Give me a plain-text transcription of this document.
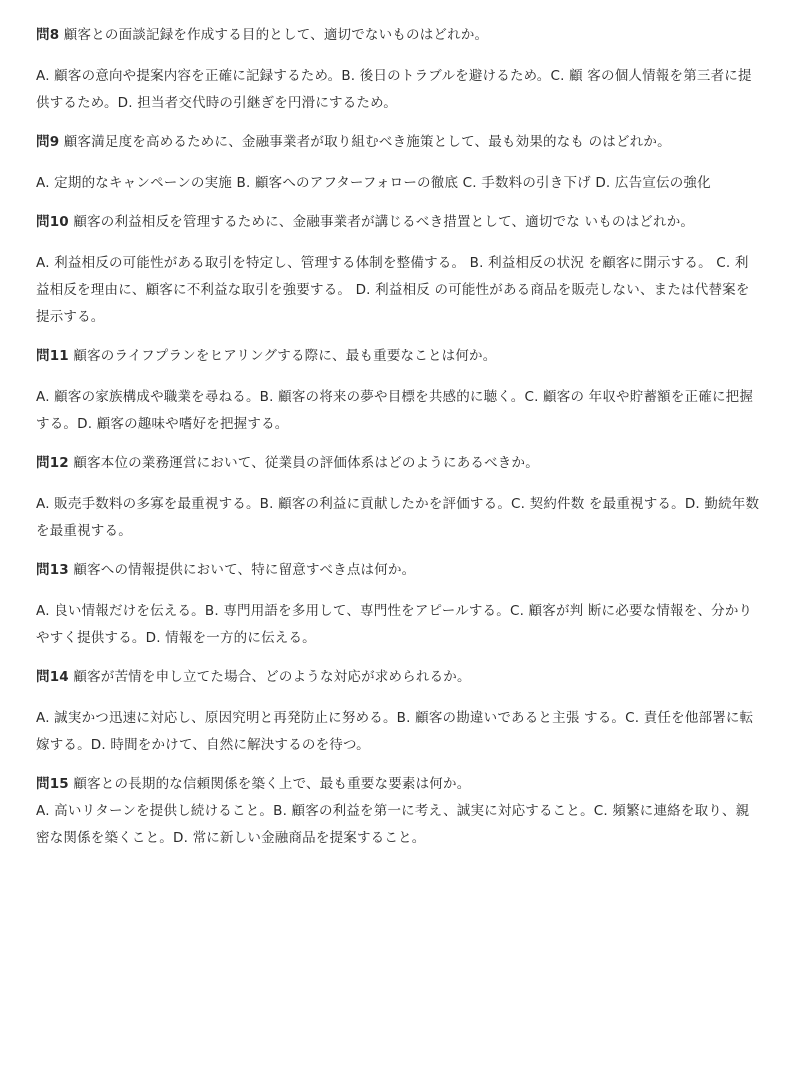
問8 顧客との面談記録を作成する目的として、適切でないものはどれか。

A. 顧客の意向や提案内容を正確に記録するため。B. 後日のトラブルを避けるため。C. 顧 客の個人情報を第三者に提供するため。D. 担当者交代時の引継ぎを円滑にするため。

問9 顧客満足度を高めるために、金融事業者が取り組むべき施策として、最も効果的なも のはどれか。

A. 定期的なキャンペーンの実施 B. 顧客へのアフターフォローの徹底 C. 手数料の引き下げ D. 広告宣伝の強化

問10 顧客の利益相反を管理するために、金融事業者が講じるべき措置として、適切でな いものはどれか。

A. 利益相反の可能性がある取引を特定し、管理する体制を整備する。 B. 利益相反の状況 を顧客に開示する。 C. 利益相反を理由に、顧客に不利益な取引を強要する。 D. 利益相反 の可能性がある商品を販売しない、または代替案を提示する。

問11 顧客のライフプランをヒアリングする際に、最も重要なことは何か。

A. 顧客の家族構成や職業を尋ねる。B. 顧客の将来の夢や目標を共感的に聴く。C. 顧客の 年収や貯蓄額を正確に把握する。D. 顧客の趣味や嗜好を把握する。

問12 顧客本位の業務運営において、従業員の評価体系はどのようにあるべきか。

A. 販売手数料の多寡を最重視する。B. 顧客の利益に貢献したかを評価する。C. 契約件数 を最重視する。D. 勤続年数を最重視する。

問13 顧客への情報提供において、特に留意すべき点は何か。

A. 良い情報だけを伝える。B. 専門用語を多用して、専門性をアピールする。C. 顧客が判 断に必要な情報を、分かりやすく提供する。D. 情報を一方的に伝える。

問14 顧客が苦情を申し立てた場合、どのような対応が求められるか。

A. 誠実かつ迅速に対応し、原因究明と再発防止に努める。B. 顧客の勘違いであると主張 する。C. 責任を他部署に転嫁する。D. 時間をかけて、自然に解決するのを待つ。

問15 顧客との長期的な信頼関係を築く上で、最も重要な要素は何か。

A. 高いリターンを提供し続けること。B. 顧客の利益を第一に考え、誠実に対応すること。C. 頻繁に連絡を取り、親密な関係を築くこと。D. 常に新しい金融商品を提案すること。
